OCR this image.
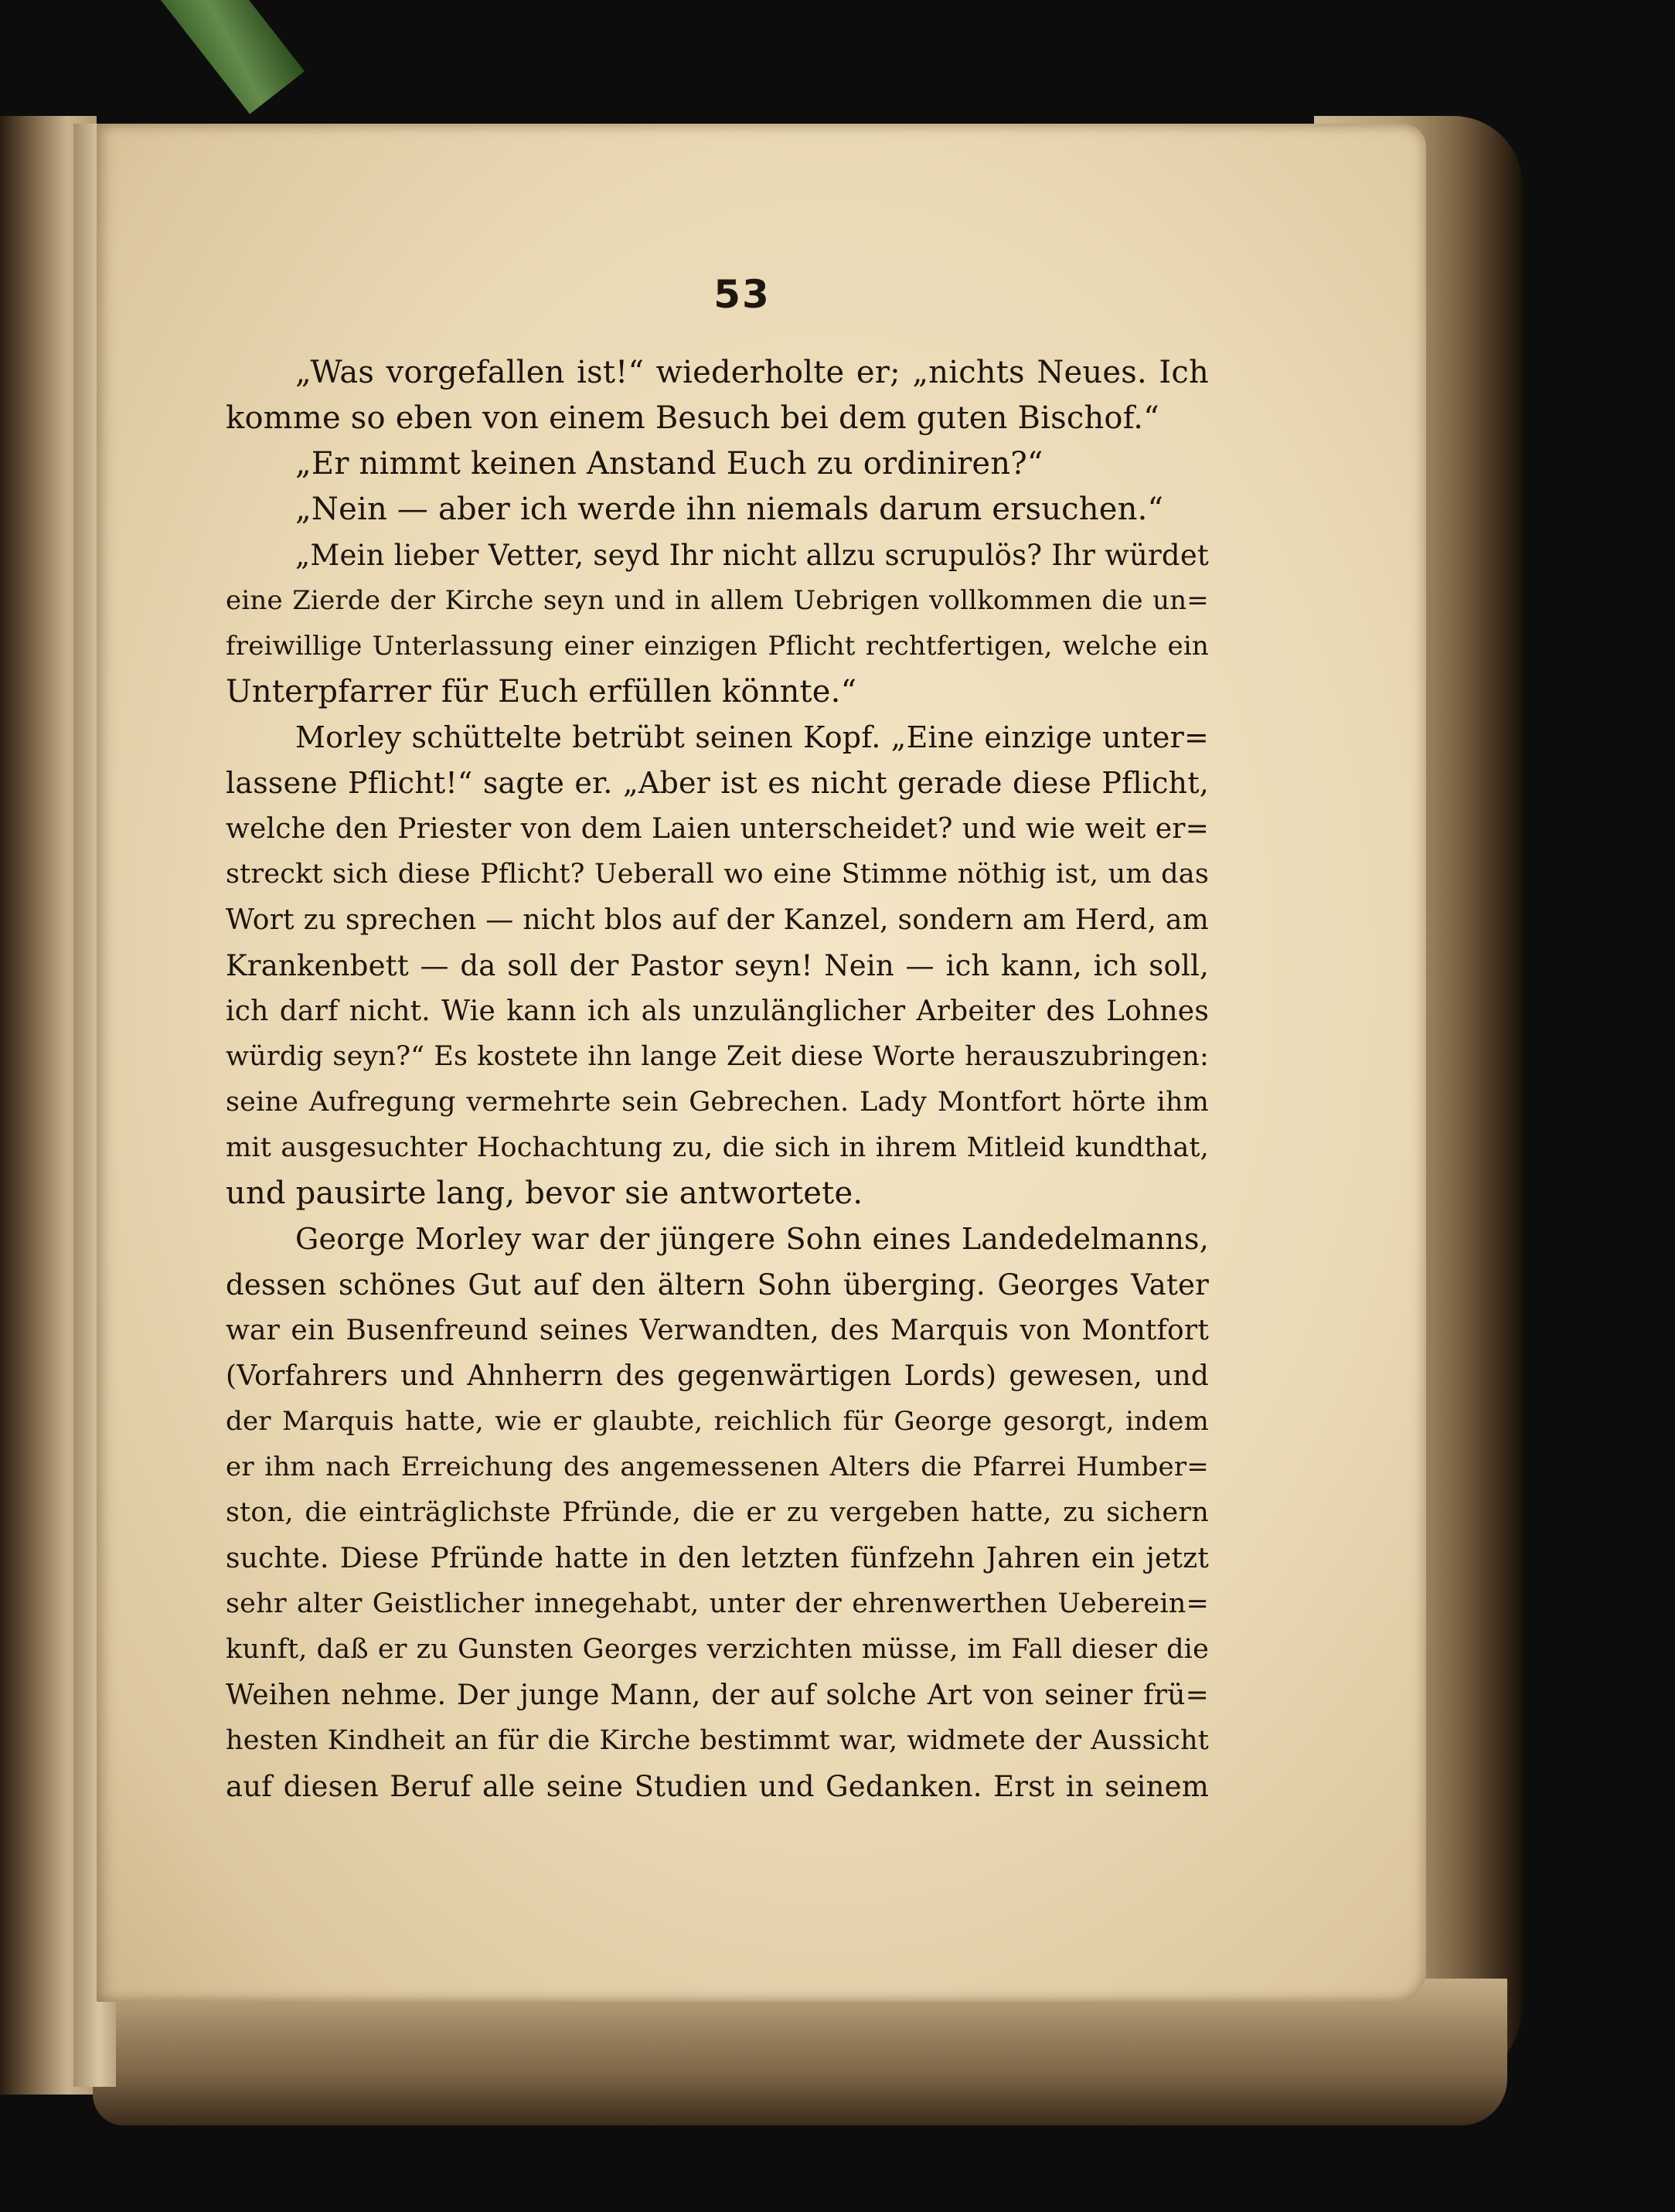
53
„Was vorgefallen ist!“ wiederholte er; „nichts Neues. Ich
komme so eben von einem Besuch bei dem guten Bischof.“
„Er nimmt keinen Anstand Euch zu ordiniren?“
„Nein — aber ich werde ihn niemals darum ersuchen.“
„Mein lieber Vetter, seyd Ihr nicht allzu scrupulös? Ihr würdet
eine Zierde der Kirche seyn und in allem Uebrigen vollkommen die un=
freiwillige Unterlassung einer einzigen Pflicht rechtfertigen, welche ein
Unterpfarrer für Euch erfüllen könnte.“
Morley schüttelte betrübt seinen Kopf. „Eine einzige unter=
lassene Pflicht!“ sagte er. „Aber ist es nicht gerade diese Pflicht,
welche den Priester von dem Laien unterscheidet? und wie weit er=
streckt sich diese Pflicht? Ueberall wo eine Stimme nöthig ist, um das
Wort zu sprechen — nicht blos auf der Kanzel, sondern am Herd, am
Krankenbett — da soll der Pastor seyn! Nein — ich kann, ich soll,
ich darf nicht. Wie kann ich als unzulänglicher Arbeiter des Lohnes
würdig seyn?“ Es kostete ihn lange Zeit diese Worte herauszubringen:
seine Aufregung vermehrte sein Gebrechen. Lady Montfort hörte ihm
mit ausgesuchter Hochachtung zu, die sich in ihrem Mitleid kundthat,
und pausirte lang, bevor sie antwortete.
George Morley war der jüngere Sohn eines Landedelmanns,
dessen schönes Gut auf den ältern Sohn überging. Georges Vater
war ein Busenfreund seines Verwandten, des Marquis von Montfort
(Vorfahrers und Ahnherrn des gegenwärtigen Lords) gewesen, und
der Marquis hatte, wie er glaubte, reichlich für George gesorgt, indem
er ihm nach Erreichung des angemessenen Alters die Pfarrei Humber=
ston, die einträglichste Pfründe, die er zu vergeben hatte, zu sichern
suchte. Diese Pfründe hatte in den letzten fünfzehn Jahren ein jetzt
sehr alter Geistlicher innegehabt, unter der ehrenwerthen Ueberein=
kunft, daß er zu Gunsten Georges verzichten müsse, im Fall dieser die
Weihen nehme. Der junge Mann, der auf solche Art von seiner frü=
hesten Kindheit an für die Kirche bestimmt war, widmete der Aussicht
auf diesen Beruf alle seine Studien und Gedanken. Erst in seinem
